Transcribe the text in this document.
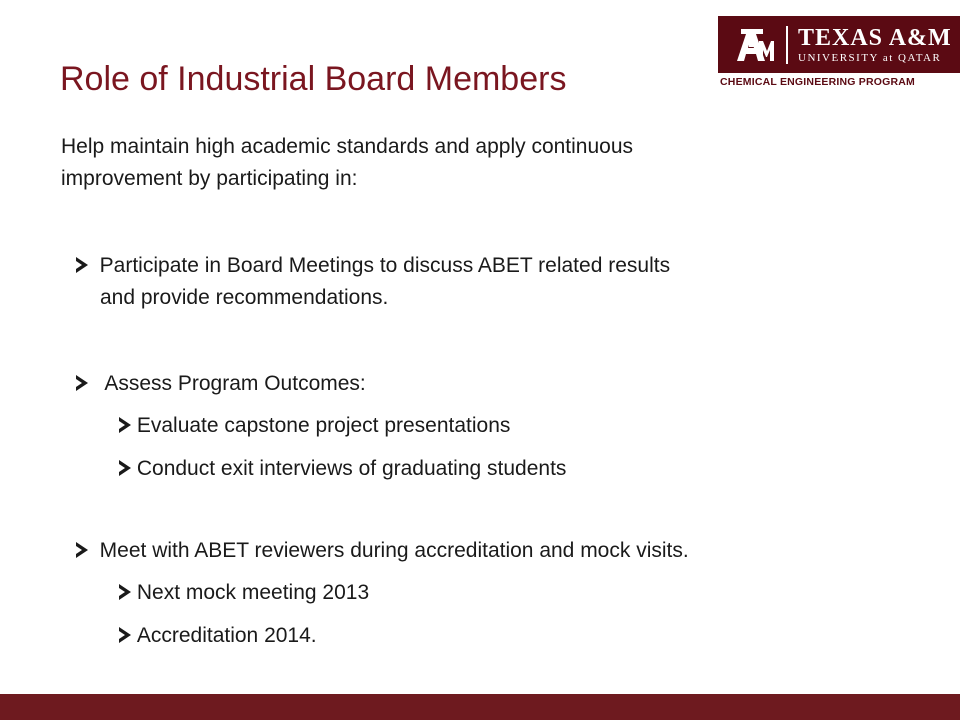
TEXAS A&M
UNIVERSITY at QATAR
CHEMICAL ENGINEERING PROGRAM
Role of Industrial Board Members
Help maintain high academic standards and apply continuous

improvement by participating in:
Participate in Board Meetings to discuss ABET related results
and provide recommendations.
Assess Program Outcomes:
Evaluate capstone project presentations
Conduct exit interviews of graduating students
Meet with ABET reviewers during accreditation and mock visits.
Next mock meeting 2013
Accreditation 2014.
